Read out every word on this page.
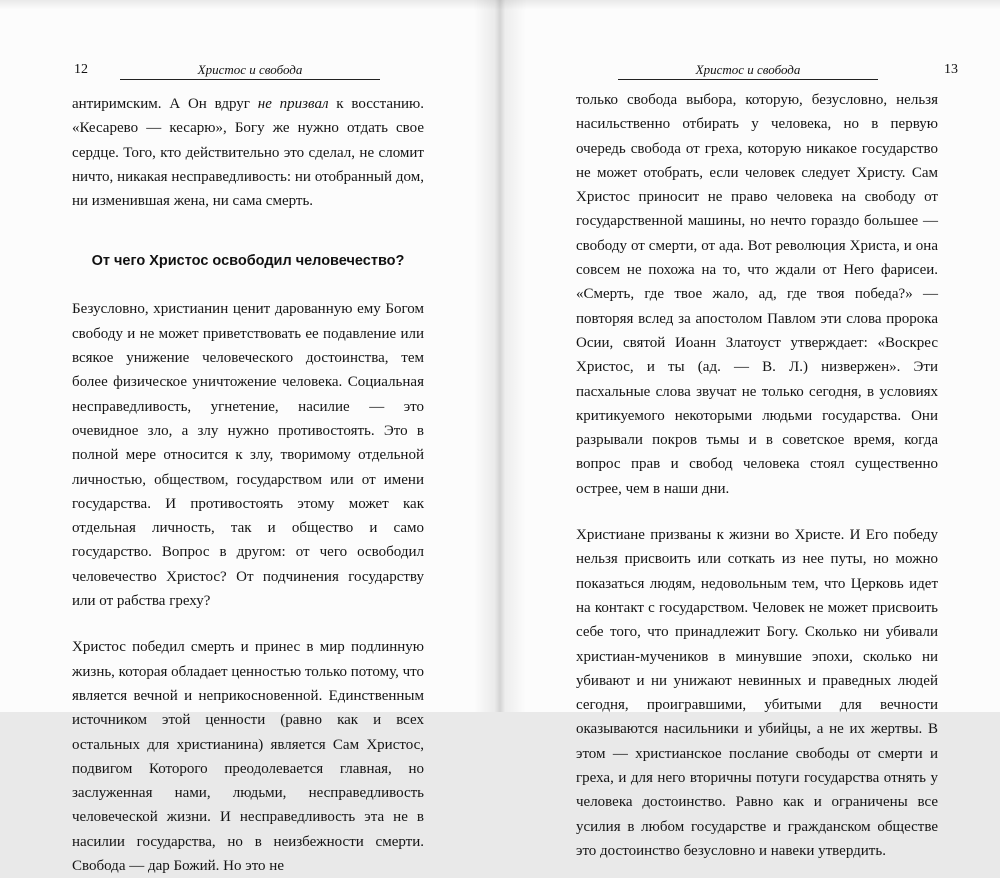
12	Христос и свобода

антиримским. А Он вдруг не призвал к восстанию. «Кесарево — кесарю», Богу же нужно отдать свое сердце. Того, кто действительно это сделал, не сломит ничто, никакая несправедливость: ни отобранный дом, ни изменившая жена, ни сама смерть.

От чего Христос освободил человечество?

Безусловно, христианин ценит дарованную ему Богом свободу и не может приветствовать ее подавление или всякое унижение человеческого достоинства, тем более физическое уничтожение человека. Социальная несправедливость, угнетение, насилие — это очевидное зло, а злу нужно противостоять. Это в полной мере относится к злу, творимому отдельной личностью, обществом, государством или от имени государства. И противостоять этому может как отдельная личность, так и общество и само государство. Вопрос в другом: от чего освободил человечество Христос? От подчинения государству или от рабства греху?

Христос победил смерть и принес в мир подлинную жизнь, которая обладает ценностью только потому, что является вечной и неприкосновенной. Единственным источником этой ценности (равно как и всех остальных для христианина) является Сам Христос, подвигом Которого преодолевается главная, но заслуженная нами, людьми, несправедливость человеческой жизни. И несправедливость эта не в насилии государства, но в неизбежности смерти. Свобода — дар Божий. Но это не

Христос и свобода	13

только свобода выбора, которую, безусловно, нельзя насильственно отбирать у человека, но в первую очередь свобода от греха, которую никакое государство не может отобрать, если человек следует Христу. Сам Христос приносит не право человека на свободу от государственной машины, но нечто гораздо большее — свободу от смерти, от ада. Вот революция Христа, и она совсем не похожа на то, что ждали от Него фарисеи. «Смерть, где твое жало, ад, где твоя победа?» — повторяя вслед за апостолом Павлом эти слова пророка Осии, святой Иоанн Златоуст утверждает: «Воскрес Христос, и ты (ад. — В. Л.) низвержен». Эти пасхальные слова звучат не только сегодня, в условиях критикуемого некоторыми людьми государства. Они разрывали покров тьмы и в советское время, когда вопрос прав и свобод человека стоял существенно острее, чем в наши дни.

Христиане призваны к жизни во Христе. И Его победу нельзя присвоить или соткать из нее путы, но можно показаться людям, недовольным тем, что Церковь идет на контакт с государством. Человек не может присвоить себе того, что принадлежит Богу. Сколько ни убивали христиан-мучеников в минувшие эпохи, сколько ни убивают и ни унижают невинных и праведных людей сегодня, проигравшими, убитыми для вечности оказываются насильники и убийцы, а не их жертвы. В этом — христианское послание свободы от смерти и греха, и для него вторичны потуги государства отнять у человека достоинство. Равно как и ограничены все усилия в любом государстве и гражданском обществе это достоинство безусловно и навеки утвердить.
